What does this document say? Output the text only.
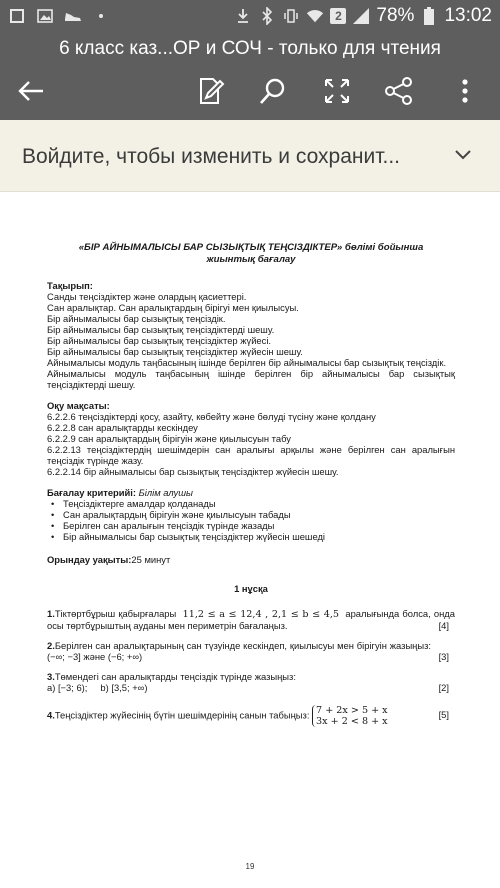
2 78% 13:02
6 класс каз...ОР и СОЧ - только для чтения
Войдите, чтобы изменить и сохранит...
«БІР АЙНЫМАЛЫСЫ БАР СЫЗЫҚТЫҚ ТЕҢСІЗДІКТЕР» бөлімі бойынша
жиынтық бағалау
Тақырып:
Санды теңсіздіктер және олардың қасиеттері.
Сан аралықтар. Сан аралықтардың бірігуі мен қиылысуы.
Бір айнымалысы бар сызықтық теңсіздік.
Бір айнымалысы бар сызықтық теңсіздіктерді шешу.
Бір айнымалысы бар сызықтық теңсіздіктер жүйесі.
Бір айнымалысы бар сызықтық теңсіздіктер жүйесін шешу.
Айнымалысы модуль таңбасының ішінде берілген бір айнымалысы бар сызықтық теңсіздік.
Айнымалысы модуль таңбасының ішінде берілген бір айнымалысы бар сызықтық теңсіздіктерді шешу.
Оқу мақсаты:
6.2.2.6 теңсіздіктерді қосу, азайту, көбейту және бөлуді түсіну және қолдану
6.2.2.8 сан аралықтарды кескіндеу
6.2.2.9 сан аралықтардың бірігуін және қиылысуын табу
6.2.2.13 теңсіздіктердің шешімдерін сан аралығы арқылы және берілген сан аралығын теңсіздік түрінде жазу.
6.2.2.14 бір айнымалысы бар сызықтық теңсіздіктер жүйесін шешу.
Бағалау критерийі: Білім алушы
• Теңсіздіктерге амалдар қолданады
• Сан аралықтардың бірігуін және қиылысуын табады
• Берілген сан аралығын теңсіздік түрінде жазады
• Бір айнымалысы бар сызықтық теңсіздіктер жүйесін шешеді
Орындау уақыты:25 минут
1 нұсқа
1.Тіктөртбұрыш қабырғалары 11,2 ≤ a ≤ 12,4 , 2,1 ≤ b ≤ 4,5 аралығында болса, онда осы төртбұрыштың ауданы мен периметрін бағалаңыз.	[4]
2.Берілген сан аралықтарының сан түзуінде кескіндеп, қиылысуы мен бірігуін жазыңыз: (−∞; −3] және (−6; +∞)	[3]
3.Төмендегі сан аралықтарды теңсіздік түрінде жазыңыз:
a) [−3; 6); b) [3,5; +∞)	[2]
4.Теңсіздіктер жүйесінің бүтін шешімдерінің санын табыңыз: 7 + 2x > 5 + x
3x + 2 < 8 + x
[5]
19
